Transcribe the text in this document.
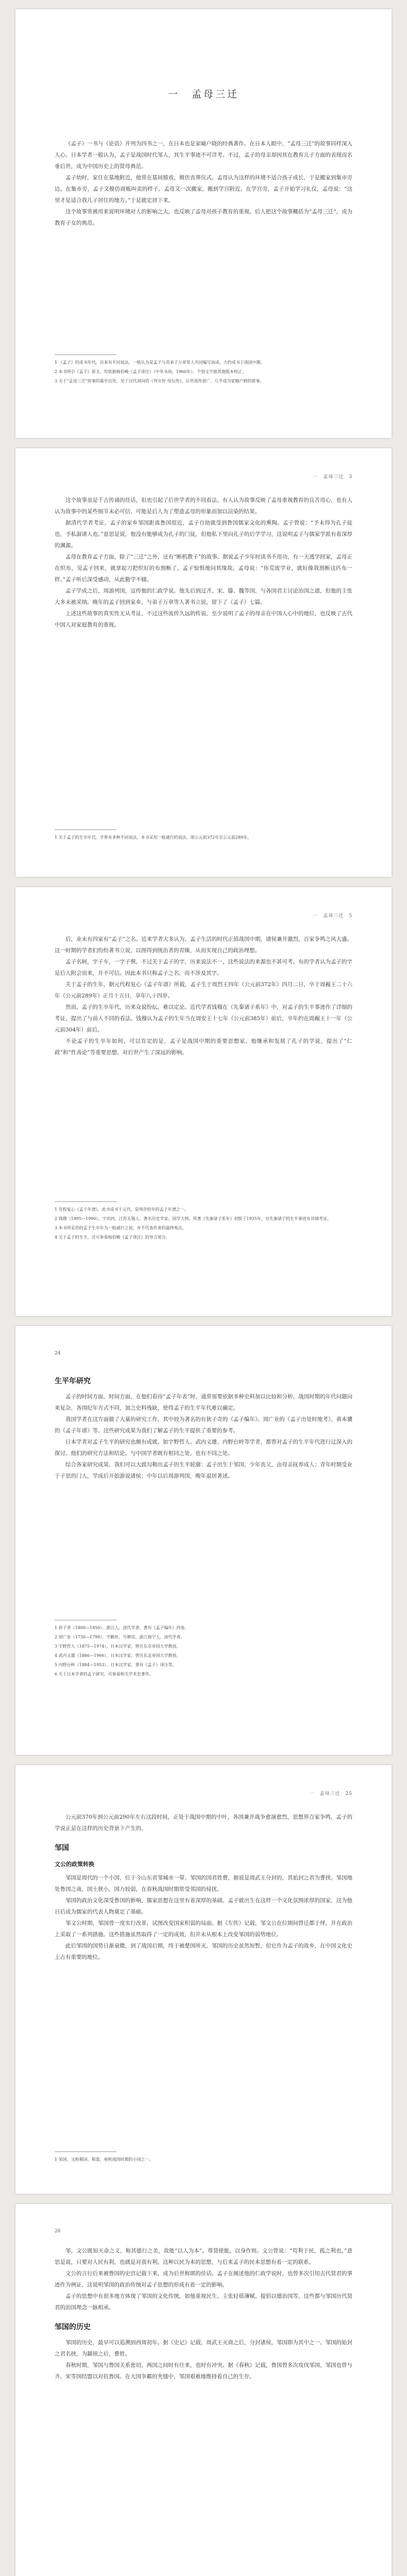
一　孟母三迁

《孟子》一书与《论语》并列为四书之一，在日本也是家喻户晓的经典著作。在日本人眼中，“孟母三迁”的故事同样深入人心。日本学者一般认为，孟子是战国时代邹人，其生平事迹不可详考。不过，孟子的母亲却因其在教育儿子方面的表现而名垂后世，成为中国历史上的贤母典范。

孟子幼时，家住在墓地附近，他常在墓间嬉戏，模仿丧葬仪式。孟母认为这样的环境不适合孩子成长，于是搬家到集市旁边。在集市旁，孟子又模仿商贩叫卖的样子。孟母又一次搬家，搬到学宫附近。在学宫旁，孟子开始学习礼仪，孟母说：“这里才是适合我儿子居住的地方。”于是就定居下来。

这个故事常被用来说明环境对人的影响之大，也反映了孟母对孩子教育的重视。后人把这个故事概括为“孟母三迁”，成为教育子女的典范。

1 《孟子》的成书年代，历来有不同说法。一般认为是孟子与其弟子万章等人共同编写而成，大约成书于战国中期。

2 本书所引《孟子》原文，均依据杨伯峻《孟子译注》（中华书局，1960年），个别文字据其他版本校正。

3 关于“孟母三迁”故事的最早出处，见于汉代刘向的《列女传·母仪传》，后世流传甚广，几乎成为家喻户晓的故事。

一　孟母三迁　3

这个故事虽是千古传诵的佳话，但也引起了后世学者的不同看法。有人认为故事反映了孟母重视教育的良苦用心，也有人认为故事中的某些细节未必可信，可能是后人为了塑造孟母的形象而加以渲染的结果。

据清代学者考证，孟子的家乡邹国距离鲁国很近，孟子自幼就受到鲁国儒家文化的熏陶。孟子曾说：“予未得为孔子徒也，予私淑诸人也。”意思是说，他没有能够成为孔子的门徒，但他私下里向孔子的后学学习，这说明孟子与儒家学派有着深厚的渊源。

孟母在教育孟子方面，除了“三迁”之外，还有“断机教子”的故事。据说孟子少年时读书不用功，有一天逃学回家，孟母正在织布，见孟子回来，就拿起刀把织好的布割断了。孟子惊惧地问其缘故，孟母说：“你荒废学业，就好像我割断这匹布一样。”孟子听后深受感动，从此勤学不辍。

孟子学成之后，周游列国，宣传他的仁政学说。他先后到过齐、宋、滕、魏等国，与各国君主讨论治国之道，但他的主张大多未被采纳。晚年的孟子回到家乡，与弟子万章等人著书立说，留下了《孟子》七篇。

上述这些故事的真实性无从考证，不过这些流传久远的传说，至少说明了孟子的母亲在中国人心中的地位，也反映了古代中国人对家庭教育的重视。

1 关于孟子的生卒年代，学界有多种不同说法，本书采用一般通行的说法，即公元前372年至公元前289年。

一　孟母三迁　5

后，业未有四家有“孟子”之名。近来学者大多认为，孟子生活的时代正值战国中期，诸侯兼并激烈，百家争鸣之风大盛。这一时期的学者们纷纷著书立说，以图得到统治者的青睐，从而实现自己的政治理想。

孟子名轲，字子车，一字子舆，不过关于孟子的字，历来说法不一，这些说法的来源也不甚可考。有的学者认为孟子的字是后人附会而来，并不可信。因此本书只称孟子之名，而不涉及其字。

关于孟子的生年，据元代程复心《孟子年谱》所载，孟子生于周烈王四年（公元前372年）四月二日，卒于周赧王二十六年（公元前289年）正月十五日，享年八十四岁。

然而，孟子的生卒年代，历来众说纷纭，难以定论。近代学者钱穆在《先秦诸子系年》中，对孟子的生平事迹作了详细的考证，提出了与前人不同的看法。钱穆认为孟子的生年当在周安王十七年（公元前385年）前后，卒年约在周赧王十一年（公元前304年）前后。

不论孟子的生卒年如何，可以肯定的是，孟子是战国中期的重要思想家，他继承和发展了孔子的学说，提出了“仁政”和“性善论”等重要思想，对后世产生了深远的影响。

1 见程复心《孟子年谱》，此书成书于元代，是现存较早的孟子年谱之一。

2 钱穆（1895—1990），字宾四，江苏无锡人，著名历史学家、国学大师。所著《先秦诸子系年》初版于1935年，对先秦诸子的生平事迹有详细考证。

3 本书所采用的孟子生卒年为一般通行之说，并不代表作者的最终观点。

4 关于孟子的生平，还可参看杨伯峻《孟子译注》的导言部分。

24
生平年研究

孟子的时间方面，时间方面，在他们看待“孟子年表”时，通常需要依据多种史料加以比较和分析。战国时期的年代问题向来复杂，各国纪年方式不同，加之史料残缺，使得孟子的生平年代难以确定。

我国学者在这方面做了大量的研究工作，其中较为著名的有狄子奇的《孟子编年》、周广业的《孟子出处时地考》、黄本骥的《孟子年谱》等。这些研究成果为我们了解孟子的生平提供了重要的参考。

日本学者对孟子生平的研究也颇有成就。如宇野哲人、武内义雄、内野台岭等学者，都曾对孟子的生平年代进行过深入的探讨。他们的研究方法和结论，与中国学者既有相同之处，也有不同之处。

综合各家研究成果，我们可以大致勾勒出孟子的生平轮廓：孟子出生于邹国，少年丧父，由母亲抚养成人；青年时期受业于子思的门人，学成后开始游说诸侯；中年以后周游列国，晚年退居著述。

1 狄子奇（1800—1850），浙江人，清代学者，著有《孟子编年》四卷。

2 周广业（1730—1798），字勤补，号耕厓，浙江海宁人，清代学者。

3 宇野哲人（1875—1974），日本汉学家，曾任东京帝国大学教授。

4 武内义雄（1886—1966），日本汉学家，曾任东北帝国大学教授。

5 内野台岭（1884—1953），日本汉学家，著有《孟子》译注等。

6 关于日本学者的孟子研究，可参看相关学术史著作。

一　孟母三迁　25

公元前370年到公元前290年左右这段时间，正处于战国中期的中叶，各国兼并战争愈演愈烈，思想界百家争鸣，孟子的学说正是在这样的历史背景下产生的。

邹国
文公的政策转换

邹国是周代的一个小国，位于今山东省邹城市一带。邹国的国君姓曹，据说是周武王分封的，其始封之君为曹挟。邹国地处鲁国之南，国土狭小，国力较弱，在春秋战国时期常受邻国的侵扰。

邹国的政治文化深受鲁国的影响，儒家思想在这里有着深厚的基础。孟子就出生在这样一个文化氛围浓厚的国家，这为他日后成为儒家的代表人物奠定了基础。

邹文公时期，邹国曾一度实行改革，试图改变国家积弱的局面。据《左传》记载，邹文公在位期间曾迁都于绎，并在政治上采取了一系列措施。这些措施虽然取得了一定的成效，但并未从根本上改变邹国的弱势地位。

此后邹国的国势日渐衰微，到了战国后期，终于被楚国所灭。邹国的历史虽然短暂，但它作为孟子的故乡，在中国文化史上占有重要的地位。

1 邹国，又称邾国、邾娄，春秋战国时期的小国之一。

26

邹，文公既知天命之义，称其德行之美，故能“以人为本”，尊贤使能，以身作则。文公曾说：“苟利于民，孤之利也。”意思是说，只要对人民有利，也就是对我有利。这种以民为本的思想，与后来孟子的民本思想有着一定的联系。

文公的言行后来被鲁国的史官记载下来，成为后世称颂的佳话。孟子在阐述他的仁政学说时，也曾多次引用古代贤君的事迹作为例证，这说明邹国的政治传统对孟子思想的形成有着一定的影响。

孟子的思想中有很多地方体现了邹国的文化传统，如他重视民生、主张轻徭薄赋、提倡以德治国等，这些都与邹国历代贤君的治国理念一脉相承。

邹国的历史

邹国的历史，最早可以追溯到西周初年。据《史记》记载，周武王灭商之后，分封诸侯，邹国即为其中之一。邹国的始封之君名挟，为颛顼之后，曹姓。

春秋时期，邹国与鲁国关系密切，两国之间时有往来，也时有冲突。据《春秋》记载，鲁国曾多次攻伐邹国，邹国也曾与齐、宋等国结盟以对抗鲁国。在大国争霸的夹缝中，邹国艰难地维持着自己的生存。
